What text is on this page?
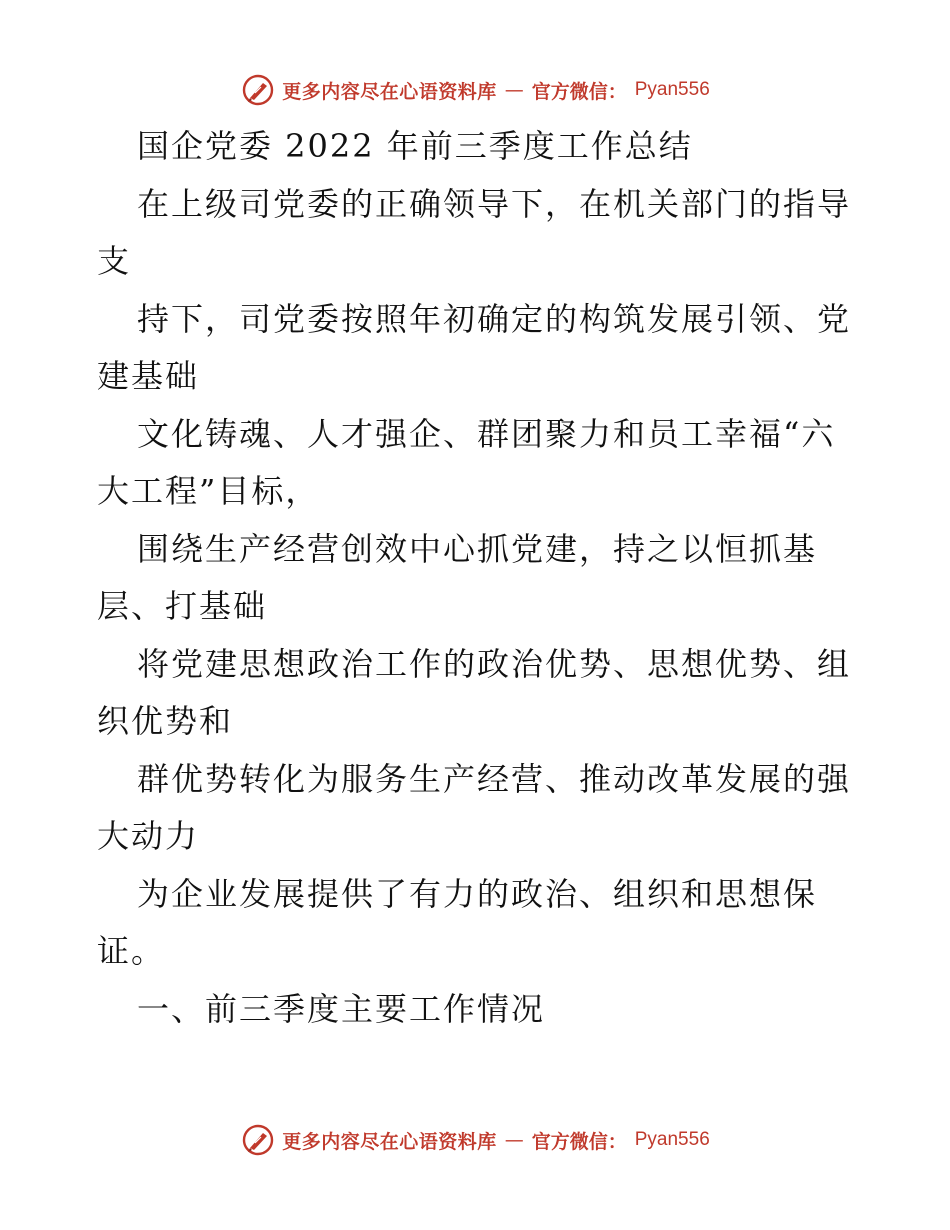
更多内容尽在心语资料库 — 官方微信： Pyan556
国企党委 2022 年前三季度工作总结
在上级司党委的正确领导下，在机关部门的指导
支
持下，司党委按照年初确定的构筑发展引领、党
建基础
文化铸魂、人才强企、群团聚力和员工幸福“六
大工程”目标，
围绕生产经营创效中心抓党建，持之以恒抓基
层、打基础
将党建思想政治工作的政治优势、思想优势、组
织优势和
群优势转化为服务生产经营、推动改革发展的强
大动力
为企业发展提供了有力的政治、组织和思想保
证。
一、前三季度主要工作情况
更多内容尽在心语资料库 — 官方微信： Pyan556
